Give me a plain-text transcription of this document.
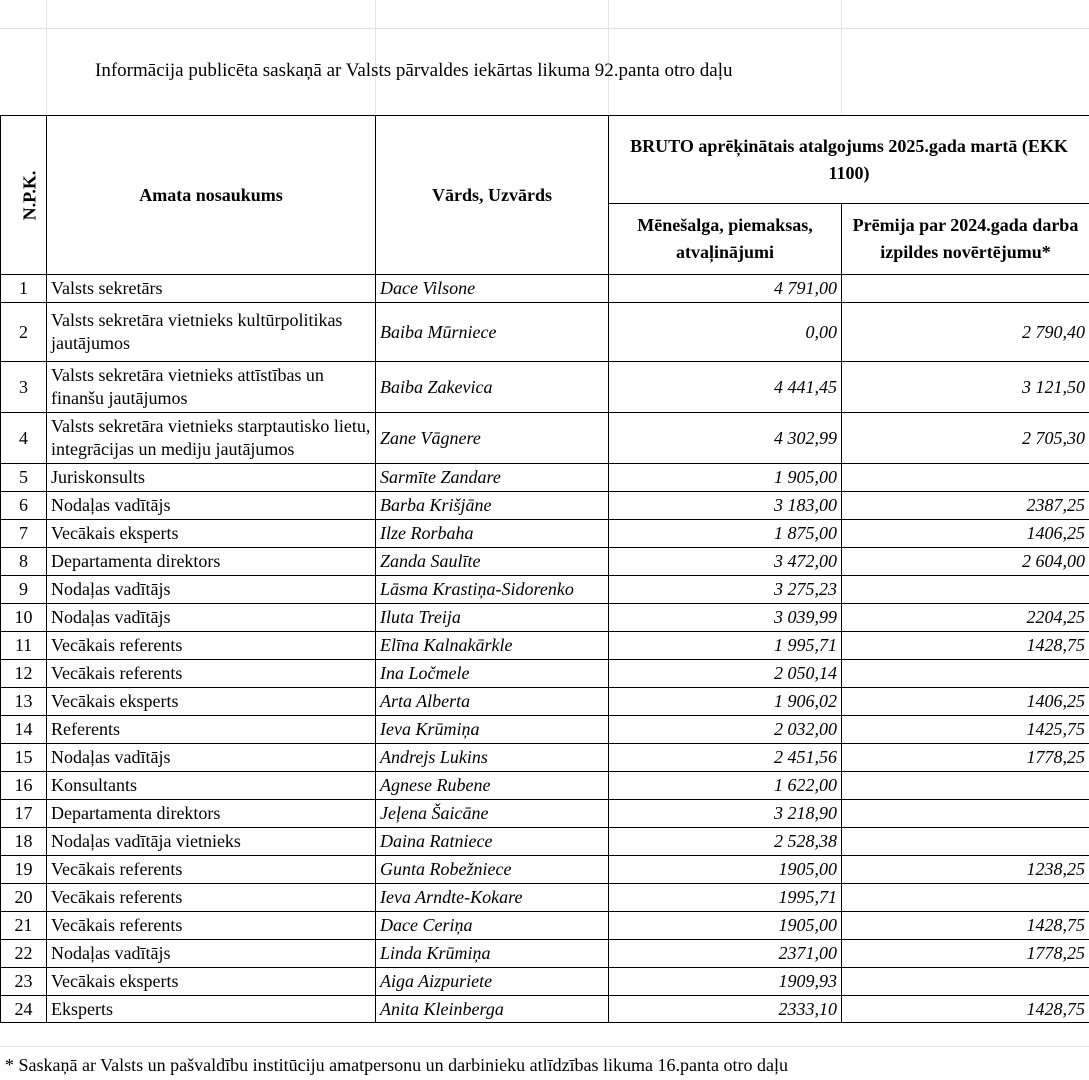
Informācija publicēta saskaņā ar Valsts pārvaldes iekārtas likuma 92.panta otro daļu
N.P.K.	Amata nosaukums	Vārds, Uzvārds	BRUTO aprēķinātais atalgojums 2025.gada martā (EKK 1100)	
			Mēnešalga, piemaksas, atvaļinājumi	Prēmija par 2024.gada darba izpildes novērtējumu*
1	Valsts sekretārs	Dace Vilsone	4 791,00	
2	Valsts sekretāra vietnieks kultūrpolitikas jautājumos	Baiba Mūrniece	0,00	2 790,40
3	Valsts sekretāra vietnieks attīstības un finanšu jautājumos	Baiba Zakevica	4 441,45	3 121,50
4	Valsts sekretāra vietnieks starptautisko lietu, integrācijas un mediju jautājumos	Zane Vāgnere	4 302,99	2 705,30
5	Juriskonsults	Sarmīte Zandare	1 905,00	
6	Nodaļas vadītājs	Barba Krišjāne	3 183,00	2387,25
7	Vecākais eksperts	Ilze Rorbaha	1 875,00	1406,25
8	Departamenta direktors	Zanda Saulīte	3 472,00	2 604,00
9	Nodaļas vadītājs	Lāsma Krastiņa-Sidorenko	3 275,23	
10	Nodaļas vadītājs	Iluta Treija	3 039,99	2204,25
11	Vecākais referents	Elīna Kalnakārkle	1 995,71	1428,75
12	Vecākais referents	Ina Ločmele	2 050,14	
13	Vecākais eksperts	Arta Alberta	1 906,02	1406,25
14	Referents	Ieva Krūmiņa	2 032,00	1425,75
15	Nodaļas vadītājs	Andrejs Lukins	2 451,56	1778,25
16	Konsultants	Agnese Rubene	1 622,00	
17	Departamenta direktors	Jeļena Šaicāne	3 218,90	
18	Nodaļas vadītāja vietnieks	Daina Ratniece	2 528,38	
19	Vecākais referents	Gunta Robežniece	1905,00	1238,25
20	Vecākais referents	Ieva Arndte-Kokare	1995,71	
21	Vecākais referents	Dace Ceriņa	1905,00	1428,75
22	Nodaļas vadītājs	Linda Krūmiņa	2371,00	1778,25
23	Vecākais eksperts	Aiga Aizpuriete	1909,93	
24	Eksperts	Anita Kleinberga	2333,10	1428,75
* Saskaņā ar Valsts un pašvaldību institūciju amatpersonu un darbinieku atlīdzības likuma 16.panta otro daļu
